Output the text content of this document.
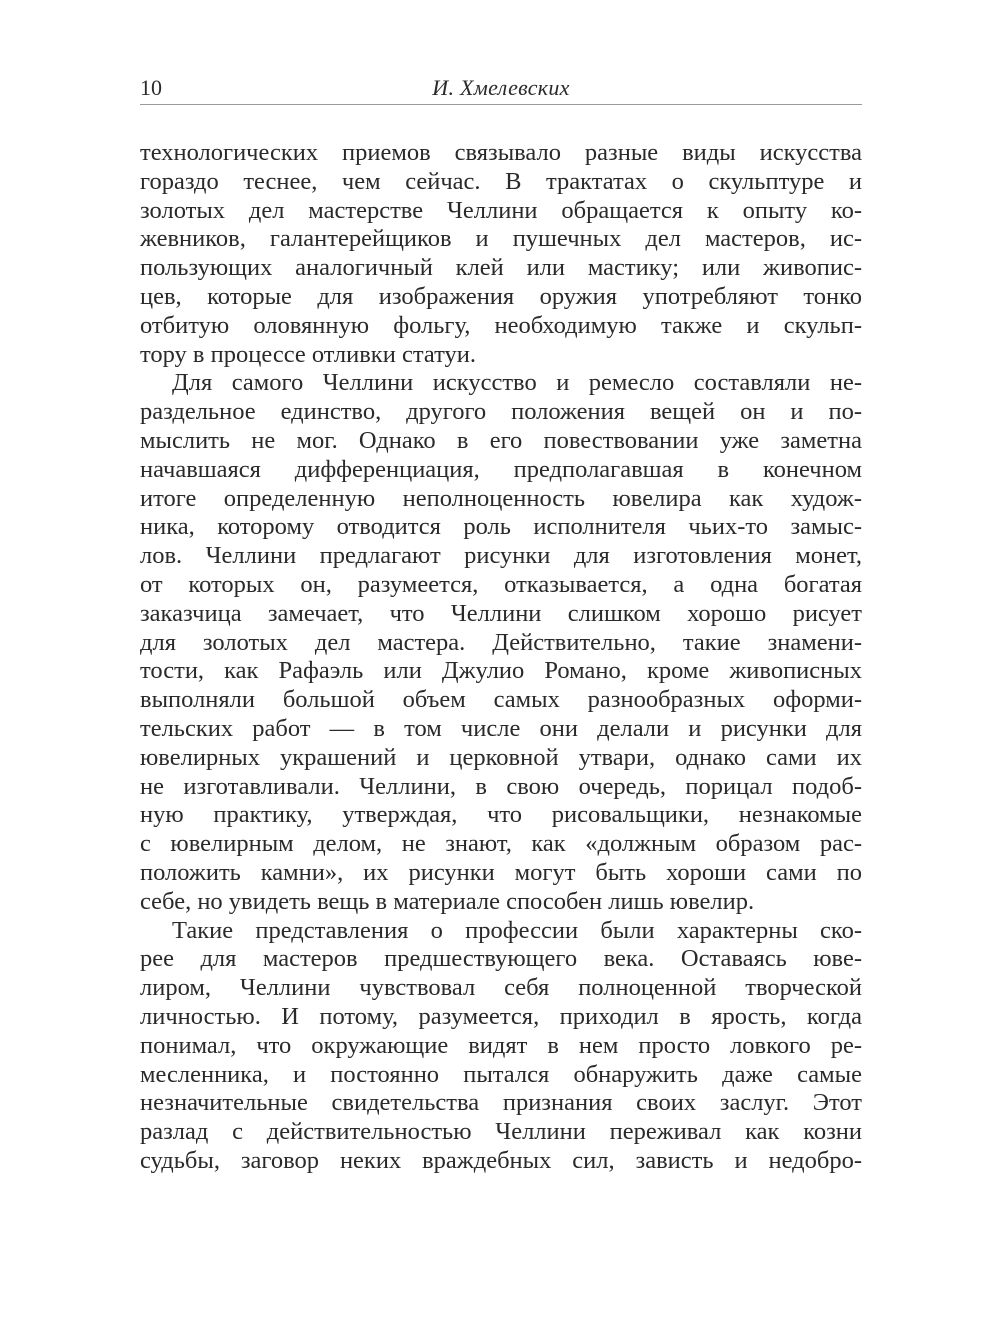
10	И. Хмелевских
технологических приемов связывало разные виды искусства
гораздо теснее, чем сейчас. В трактатах о скульптуре и
золотых дел мастерстве Челлини обращается к опыту ко-
жевников, галантерейщиков и пушечных дел мастеров, ис-
пользующих аналогичный клей или мастику; или живопис-
цев, которые для изображения оружия употребляют тонко
отбитую оловянную фольгу, необходимую также и скульп-
тору в процессе отливки статуи.
Для самого Челлини искусство и ремесло составляли не-
раздельное единство, другого положения вещей он и по-
мыслить не мог. Однако в его повествовании уже заметна
начавшаяся дифференциация, предполагавшая в конечном
итоге определенную неполноценность ювелира как худож-
ника, которому отводится роль исполнителя чьих-то замыс-
лов. Челлини предлагают рисунки для изготовления монет,
от которых он, разумеется, отказывается, а одна богатая
заказчица замечает, что Челлини слишком хорошо рисует
для золотых дел мастера. Действительно, такие знамени-
тости, как Рафаэль или Джулио Романо, кроме живописных
выполняли большой объем самых разнообразных оформи-
тельских работ — в том числе они делали и рисунки для
ювелирных украшений и церковной утвари, однако сами их
не изготавливали. Челлини, в свою очередь, порицал подоб-
ную практику, утверждая, что рисовальщики, незнакомые
с ювелирным делом, не знают, как «должным образом рас-
положить камни», их рисунки могут быть хороши сами по
себе, но увидеть вещь в материале способен лишь ювелир.
Такие представления о профессии были характерны ско-
рее для мастеров предшествующего века. Оставаясь юве-
лиром, Челлини чувствовал себя полноценной творческой
личностью. И потому, разумеется, приходил в ярость, когда
понимал, что окружающие видят в нем просто ловкого ре-
месленника, и постоянно пытался обнаружить даже самые
незначительные свидетельства признания своих заслуг. Этот
разлад с действительностью Челлини переживал как козни
судьбы, заговор неких враждебных сил, зависть и недобро-
